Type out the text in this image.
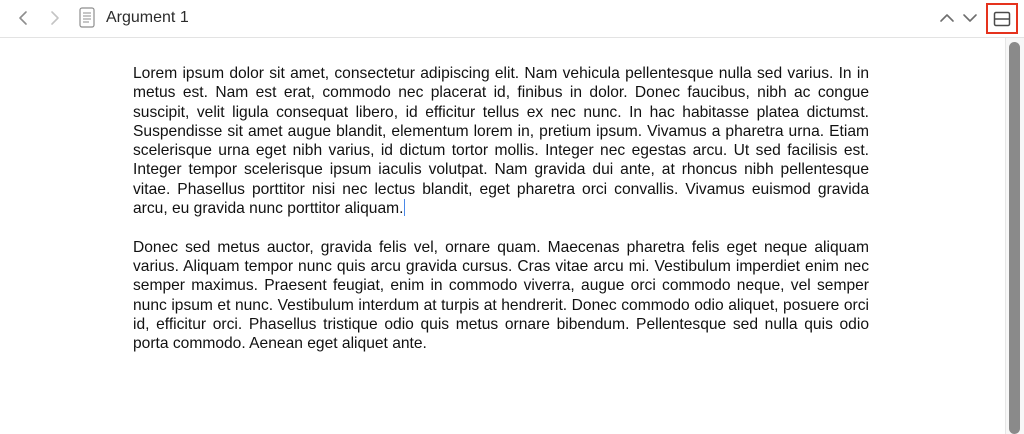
Argument 1

Lorem ipsum dolor sit amet, consectetur adipiscing elit. Nam vehicula pellentesque nulla sed varius. In in metus est. Nam est erat, commodo nec placerat id, finibus in dolor. Donec faucibus, nibh ac congue suscipit, velit ligula consequat libero, id efficitur tellus ex nec nunc. In hac habitasse platea dictumst. Suspendisse sit amet augue blandit, elementum lorem in, pretium ipsum. Vivamus a pharetra urna. Etiam scelerisque urna eget nibh varius, id dictum tortor mollis. Integer nec egestas arcu. Ut sed facilisis est. Integer tempor scelerisque ipsum iaculis volutpat. Nam gravida dui ante, at rhoncus nibh pellentesque vitae. Phasellus porttitor nisi nec lectus blandit, eget pharetra orci convallis. Vivamus euismod gravida arcu, eu gravida nunc porttitor aliquam.

Donec sed metus auctor, gravida felis vel, ornare quam. Maecenas pharetra felis eget neque aliquam varius. Aliquam tempor nunc quis arcu gravida cursus. Cras vitae arcu mi. Vestibulum imperdiet enim nec semper maximus. Praesent feugiat, enim in commodo viverra, augue orci commodo neque, vel semper nunc ipsum et nunc. Vestibulum interdum at turpis at hendrerit. Donec commodo odio aliquet, posuere orci id, efficitur orci. Phasellus tristique odio quis metus ornare bibendum. Pellentesque sed nulla quis odio porta commodo. Aenean eget aliquet ante.
